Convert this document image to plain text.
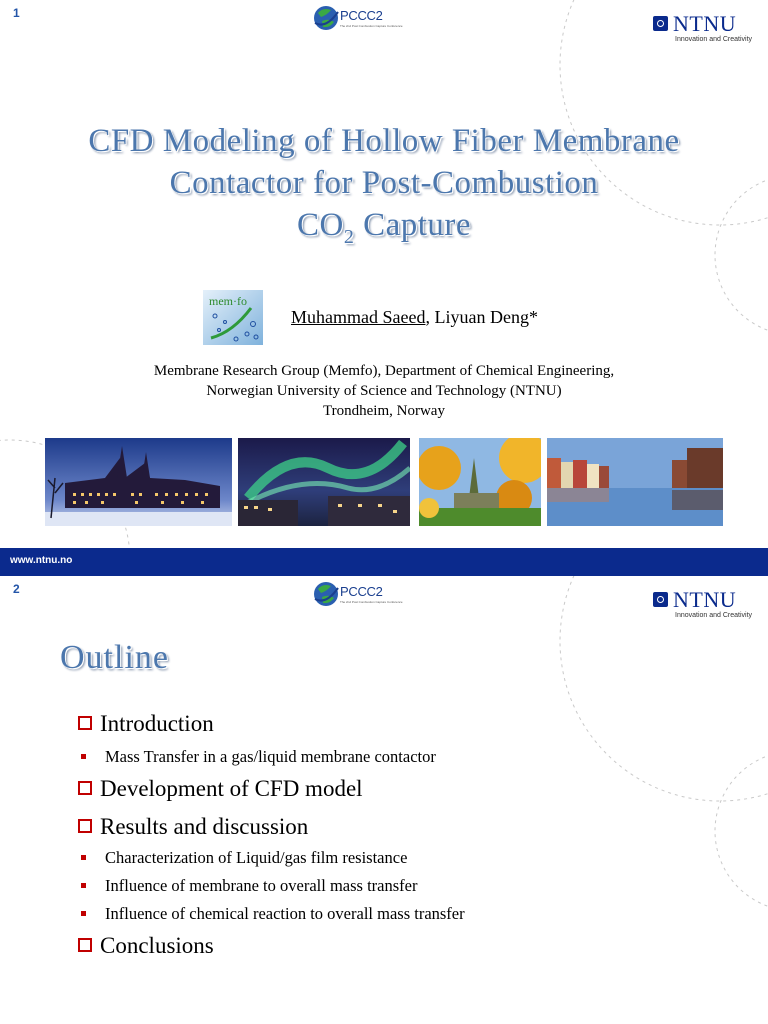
1	PCCC2
The 2nd Post Combustion Capture Conference	NTNU
Innovation and Creativity
CFD Modeling of Hollow Fiber Membrane
Contactor for Post-Combustion
$CO_2$ Capture
mem·fo
Muhammad Saeed, Liyuan Deng*
Membrane Research Group (Memfo), Department of Chemical Engineering,
Norwegian University of Science and Technology (NTNU)
Trondheim, Norway
www.ntnu.no
2	PCCC2
The 2nd Post Combustion Capture Conference	NTNU
Innovation and Creativity
Outline
Introduction
Mass Transfer in a gas/liquid membrane contactor
Development of CFD model
Results and discussion
Characterization of Liquid/gas film resistance
Influence of membrane to overall mass transfer
Influence of chemical reaction to overall mass transfer
Conclusions
